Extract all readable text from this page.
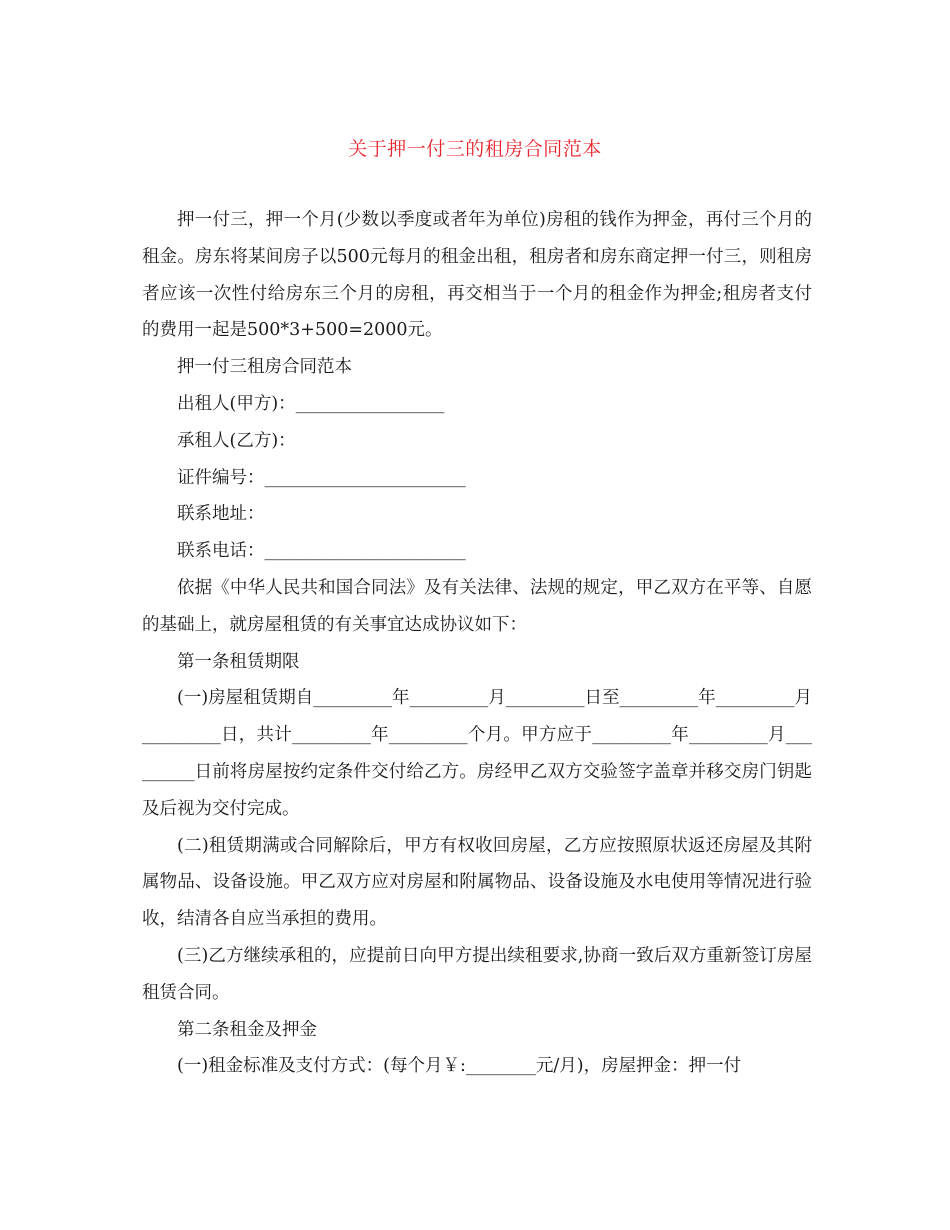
关于押一付三的租房合同范本

押一付三，押一个月(少数以季度或者年为单位)房租的钱作为押金，再付三个月的租金。房东将某间房子以500元每月的租金出租，租房者和房东商定押一付三，则租房者应该一次性付给房东三个月的房租，再交相当于一个月的租金作为押金;租房者支付的费用一起是500*3+500=2000元。

押一付三租房合同范本

出租人(甲方)：_________________

承租人(乙方)：

证件编号：_______________________

联系地址：

联系电话：_______________________

依据《中华人民共和国合同法》及有关法律、法规的规定，甲乙双方在平等、自愿的基础上，就房屋租赁的有关事宜达成协议如下：

第一条租赁期限

(一)房屋租赁期自_________年_________月_________日至_________年_________月_________日，共计_________年_________个月。甲方应于_________年_________月_________日前将房屋按约定条件交付给乙方。房经甲乙双方交验签字盖章并移交房门钥匙及后视为交付完成。

(二)租赁期满或合同解除后，甲方有权收回房屋，乙方应按照原状返还房屋及其附属物品、设备设施。甲乙双方应对房屋和附属物品、设备设施及水电使用等情况进行验收，结清各自应当承担的费用。

(三)乙方继续承租的，应提前日向甲方提出续租要求,协商一致后双方重新签订房屋租赁合同。

第二条租金及押金

(一)租金标准及支付方式：(每个月￥:________元/月)，房屋押金：押一付
